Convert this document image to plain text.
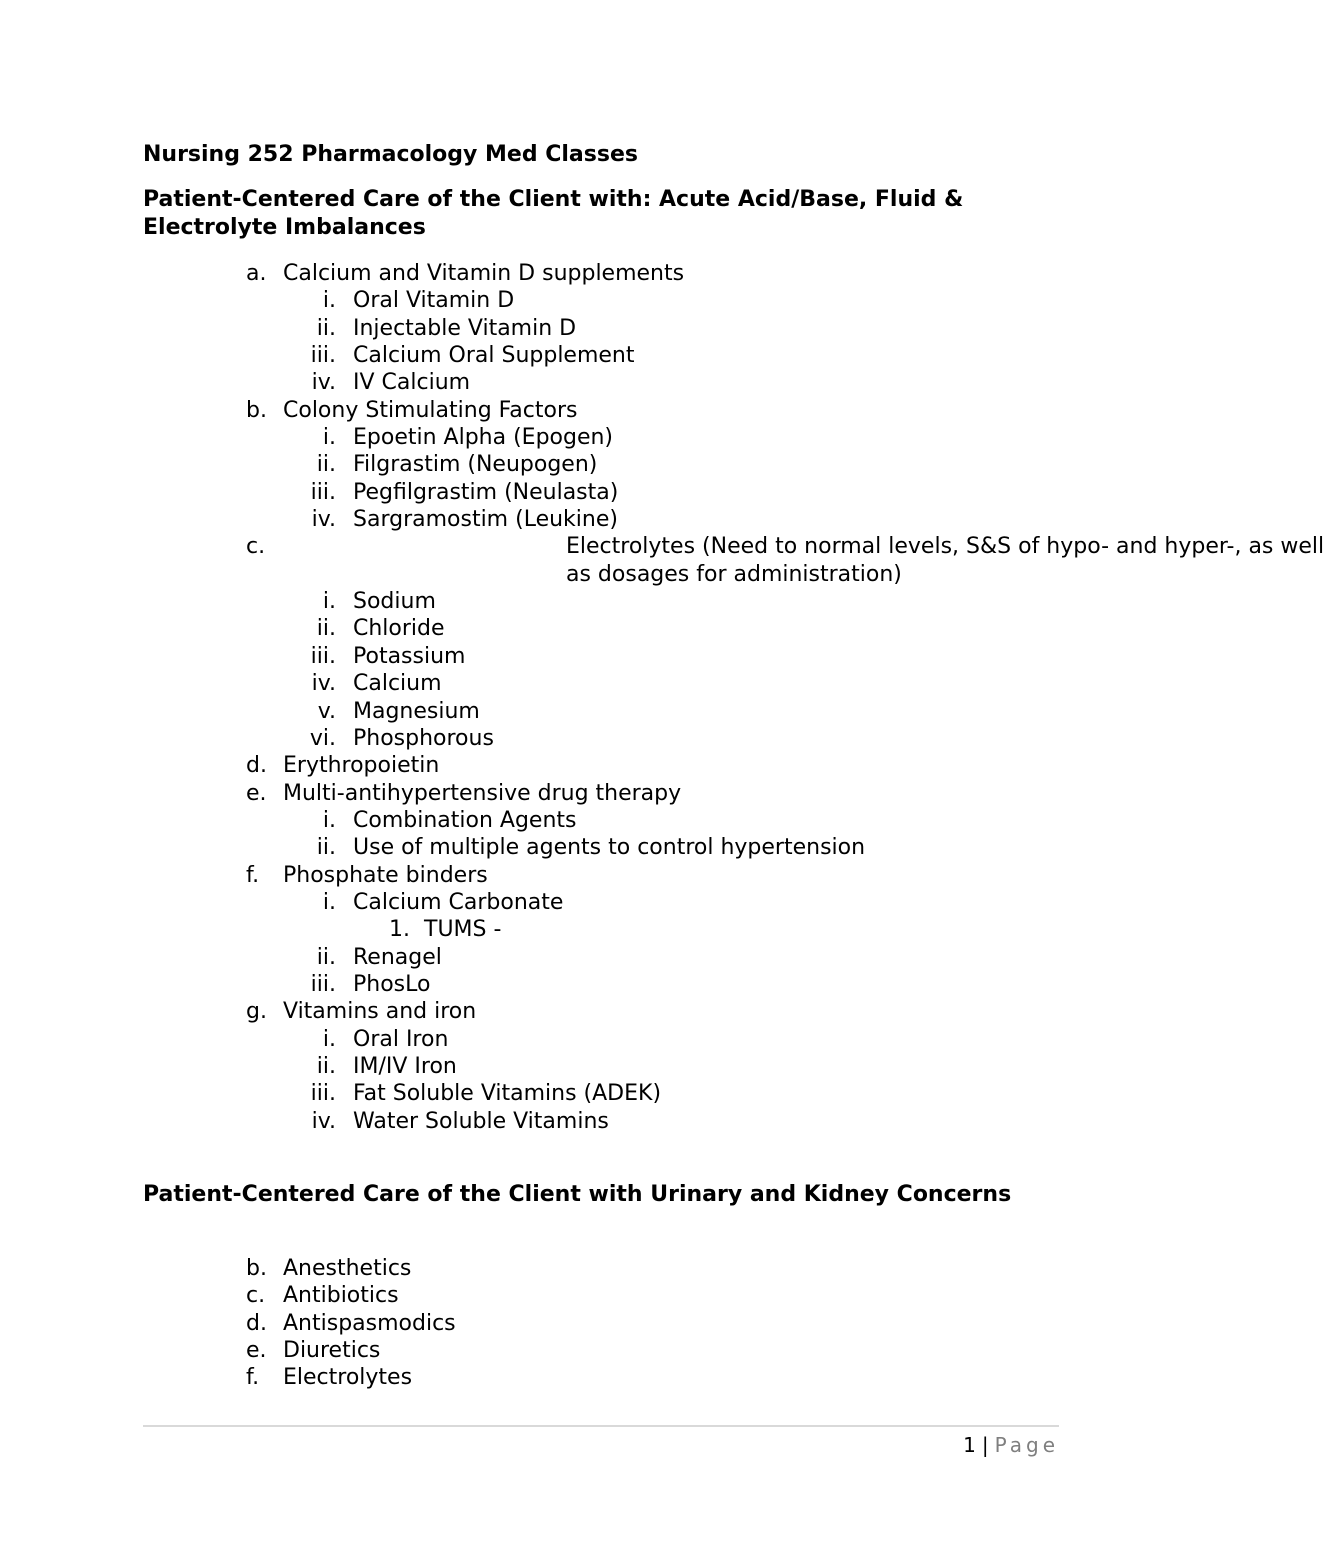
Nursing 252 Pharmacology Med Classes
Patient-Centered Care of the Client with: Acute Acid/Base, Fluid & Electrolyte Imbalances
a. Calcium and Vitamin D supplements
i. Oral Vitamin D
ii. Injectable Vitamin D
iii. Calcium Oral Supplement
iv. IV Calcium
b. Colony Stimulating Factors
i. Epoetin Alpha (Epogen)
ii. Filgrastim (Neupogen)
iii. Pegfilgrastim (Neulasta)
iv. Sargramostim (Leukine)
c.	Electrolytes (Need to normal levels, S&S of hypo- and hyper-, as well as dosages for administration)
i. Sodium
ii. Chloride
iii. Potassium
iv. Calcium
v. Magnesium
vi. Phosphorous
d. Erythropoietin
e. Multi-antihypertensive drug therapy
i. Combination Agents
ii. Use of multiple agents to control hypertension
f.	Phosphate binders
i. Calcium Carbonate
1. TUMS -
ii. Renagel
iii. PhosLo
g. Vitamins and iron
i. Oral Iron
ii. IM/IV Iron
iii. Fat Soluble Vitamins (ADEK)
iv. Water Soluble Vitamins
Patient-Centered Care of the Client with Urinary and Kidney Concerns
b. Anesthetics
c. Antibiotics
d. Antispasmodics
e. Diuretics
f.	Electrolytes
1 | Page
